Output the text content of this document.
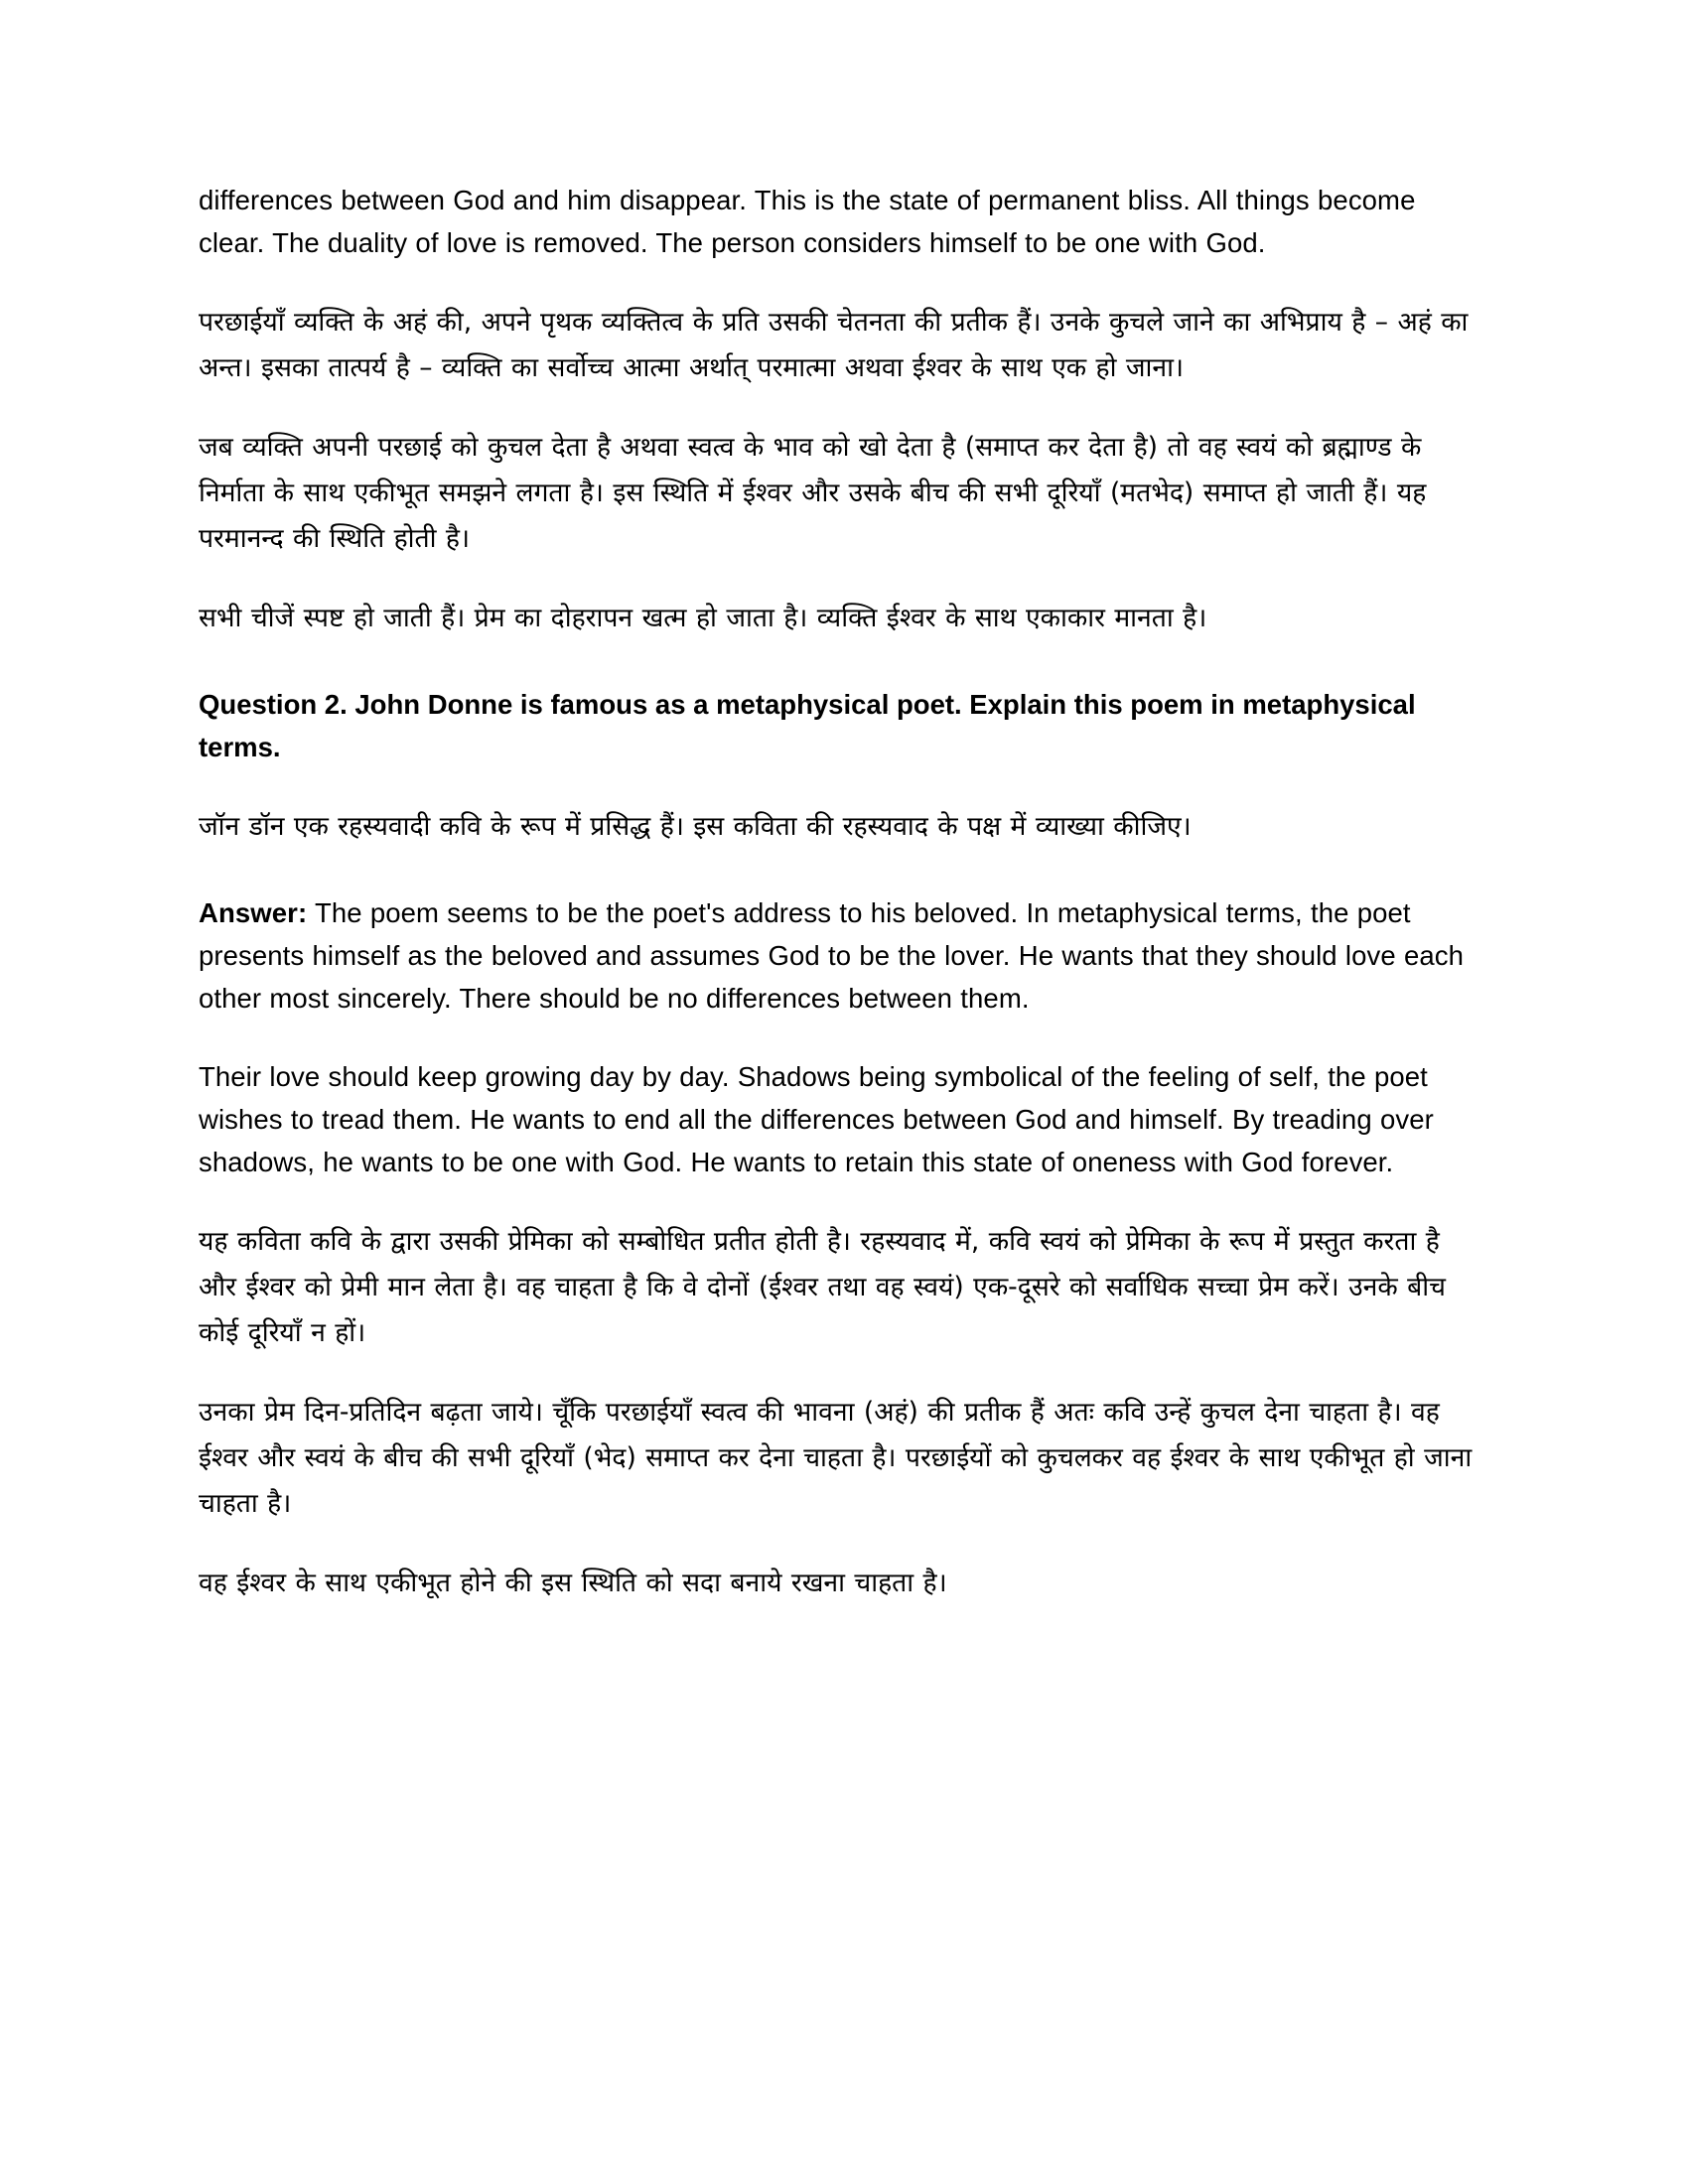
differences between God and him disappear. This is the state of permanent bliss. All things become clear. The duality of love is removed. The person considers himself to be one with God.

परछाईयाँ व्यक्ति के अहं की, अपने पृथक व्यक्तित्व के प्रति उसकी चेतनता की प्रतीक हैं। उनके कुचले जाने का अभिप्राय है – अहं का अन्त। इसका तात्पर्य है – व्यक्ति का सर्वोच्च आत्मा अर्थात् परमात्मा अथवा ईश्वर के साथ एक हो जाना।

जब व्यक्ति अपनी परछाई को कुचल देता है अथवा स्वत्व के भाव को खो देता है (समाप्त कर देता है) तो वह स्वयं को ब्रह्माण्ड के निर्माता के साथ एकीभूत समझने लगता है। इस स्थिति में ईश्वर और उसके बीच की सभी दूरियाँ (मतभेद) समाप्त हो जाती हैं। यह परमानन्द की स्थिति होती है।

सभी चीजें स्पष्ट हो जाती हैं। प्रेम का दोहरापन खत्म हो जाता है। व्यक्ति ईश्वर के साथ एकाकार मानता है।

Question 2. John Donne is famous as a metaphysical poet. Explain this poem in metaphysical terms.

जॉन डॉन एक रहस्यवादी कवि के रूप में प्रसिद्ध हैं। इस कविता की रहस्यवाद के पक्ष में व्याख्या कीजिए।

Answer: The poem seems to be the poet's address to his beloved. In metaphysical terms, the poet presents himself as the beloved and assumes God to be the lover. He wants that they should love each other most sincerely. There should be no differences between them.

Their love should keep growing day by day. Shadows being symbolical of the feeling of self, the poet wishes to tread them. He wants to end all the differences between God and himself. By treading over shadows, he wants to be one with God. He wants to retain this state of oneness with God forever.

यह कविता कवि के द्वारा उसकी प्रेमिका को सम्बोधित प्रतीत होती है। रहस्यवाद में, कवि स्वयं को प्रेमिका के रूप में प्रस्तुत करता है और ईश्वर को प्रेमी मान लेता है। वह चाहता है कि वे दोनों (ईश्वर तथा वह स्वयं) एक-दूसरे को सर्वाधिक सच्चा प्रेम करें। उनके बीच कोई दूरियाँ न हों।

उनका प्रेम दिन-प्रतिदिन बढ़ता जाये। चूँकि परछाईयाँ स्वत्व की भावना (अहं) की प्रतीक हैं अतः कवि उन्हें कुचल देना चाहता है। वह ईश्वर और स्वयं के बीच की सभी दूरियाँ (भेद) समाप्त कर देना चाहता है। परछाईयों को कुचलकर वह ईश्वर के साथ एकीभूत हो जाना चाहता है।

वह ईश्वर के साथ एकीभूत होने की इस स्थिति को सदा बनाये रखना चाहता है।
